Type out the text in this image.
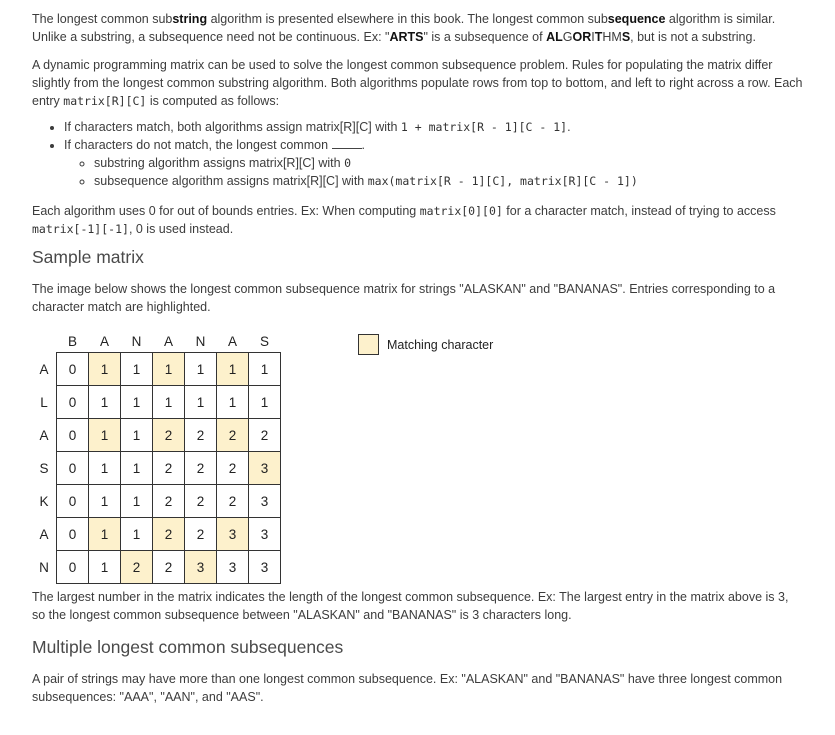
The longest common substring algorithm is presented elsewhere in this book. The longest common subsequence algorithm is similar.
Unlike a substring, a subsequence need not be continuous. Ex: "ARTS" is a subsequence of ALGORITHMS, but is not a substring.

A dynamic programming matrix can be used to solve the longest common subsequence problem. Rules for populating the matrix differ slightly from the longest common substring algorithm. Both algorithms populate rows from top to bottom, and left to right across a row. Each entry matrix[R][C] is computed as follows:

• If characters match, both algorithms assign matrix[R][C] with 1 + matrix[R - 1][C - 1].
• If characters do not match, the longest common .
◦ substring algorithm assigns matrix[R][C] with 0
◦ subsequence algorithm assigns matrix[R][C] with max(matrix[R - 1][C], matrix[R][C - 1])

Each algorithm uses 0 for out of bounds entries. Ex: When computing matrix[0][0] for a character match, instead of trying to access matrix[-1][-1], 0 is used instead.

Sample matrix

The image below shows the longest common subsequence matrix for strings "ALASKAN" and "BANANAS". Entries corresponding to a character match are highlighted.

	B	A	N	A	N	A	S
A	0	1	1	1	1	1	1
L	0	1	1	1	1	1	1
A	0	1	1	2	2	2	2
S	0	1	1	2	2	2	3
K	0	1	1	2	2	2	3
A	0	1	1	2	2	3	3
N	0	1	2	2	3	3	3
Matching character

The largest number in the matrix indicates the length of the longest common subsequence. Ex: The largest entry in the matrix above is 3, so the longest common subsequence between "ALASKAN" and "BANANAS" is 3 characters long.

Multiple longest common subsequences

A pair of strings may have more than one longest common subsequence. Ex: "ALASKAN" and "BANANAS" have three longest common subsequences: "AAA", "AAN", and "AAS".
